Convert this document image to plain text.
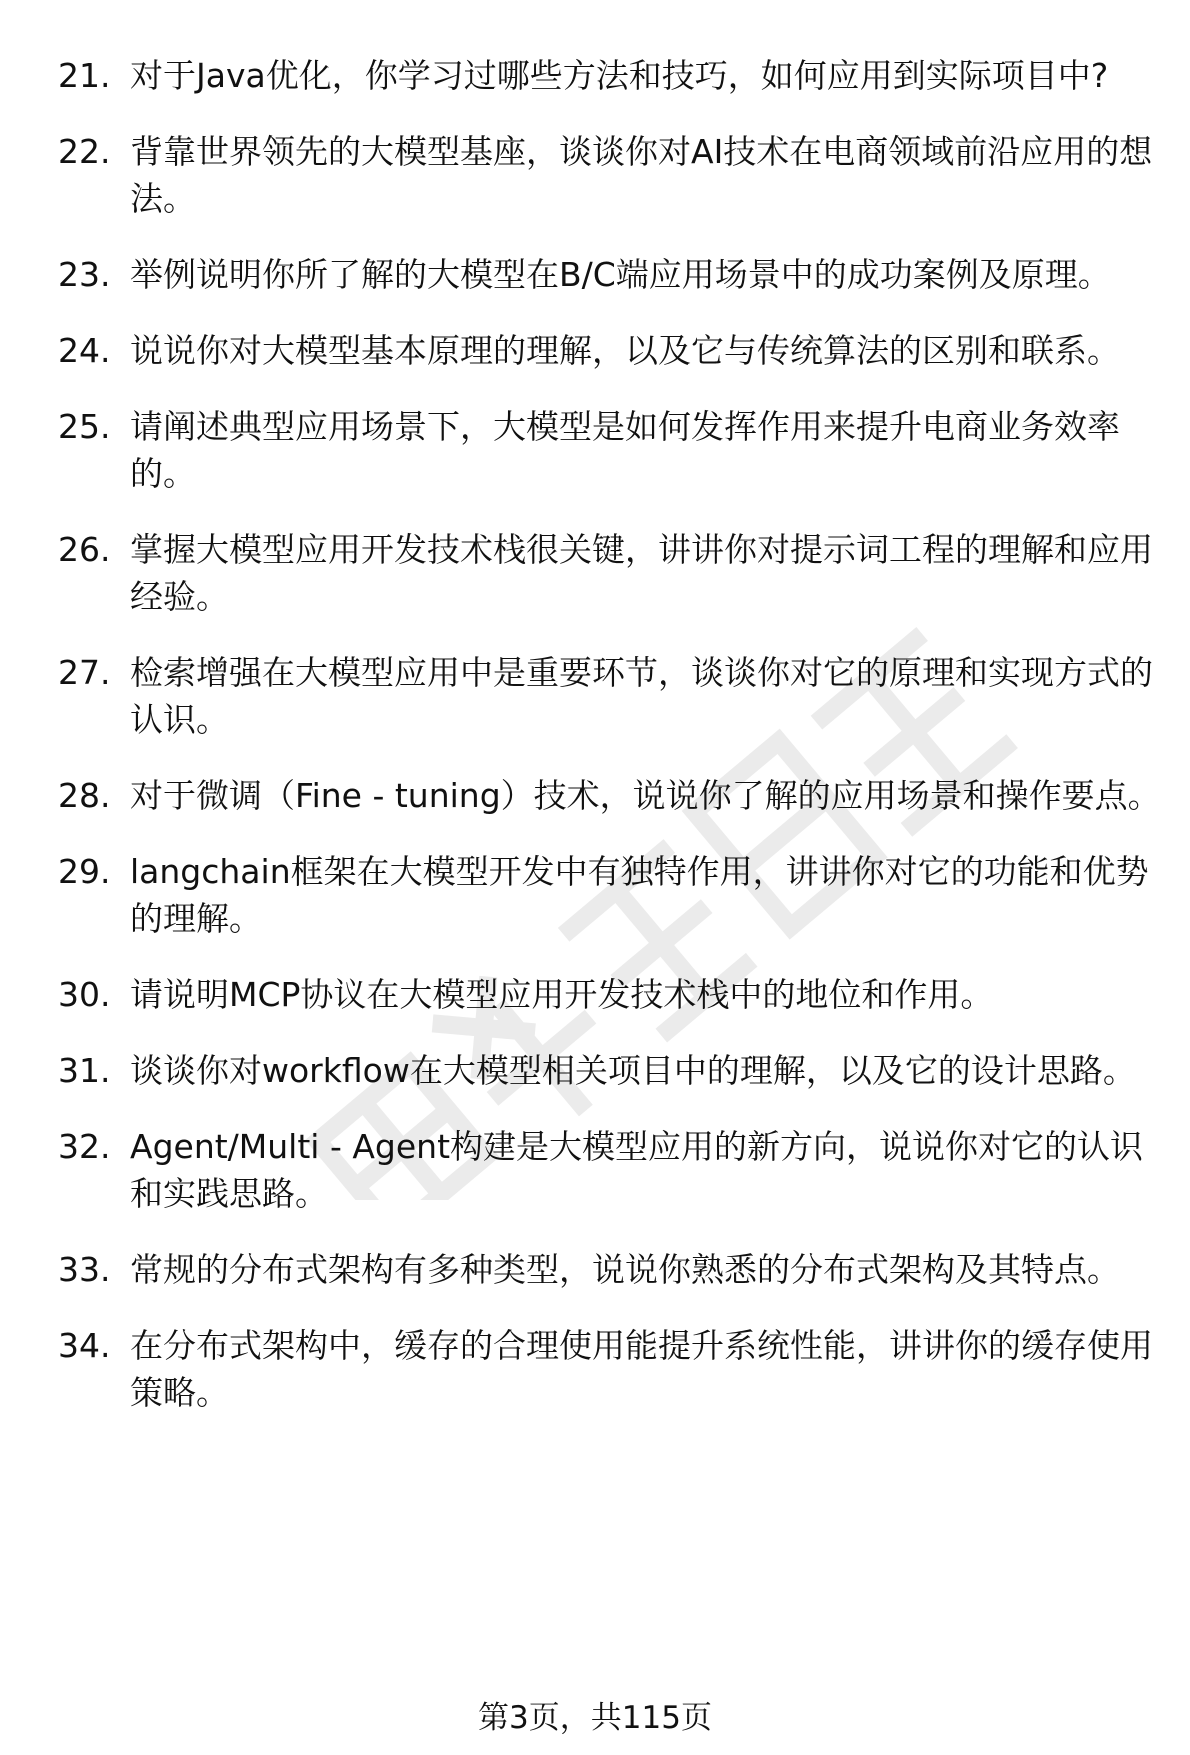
21. 对于Java优化，你学习过哪些方法和技巧，如何应用到实际项目中?
22. 背靠世界领先的大模型基座，谈谈你对AI技术在电商领域前沿应用的想法。
23. 举例说明你所了解的大模型在B/C端应用场景中的成功案例及原理。
24. 说说你对大模型基本原理的理解，以及它与传统算法的区别和联系。
25. 请阐述典型应用场景下，大模型是如何发挥作用来提升电商业务效率的。
26. 掌握大模型应用开发技术栈很关键，讲讲你对提示词工程的理解和应用经验。
27. 检索增强在大模型应用中是重要环节，谈谈你对它的原理和实现方式的认识。
28. 对于微调（Fine - tuning）技术，说说你了解的应用场景和操作要点。
29. langchain框架在大模型开发中有独特作用，讲讲你对它的功能和优势的理解。
30. 请说明MCP协议在大模型应用开发技术栈中的地位和作用。
31. 谈谈你对workflow在大模型相关项目中的理解，以及它的设计思路。
32. Agent/Multi - Agent构建是大模型应用的新方向，说说你对它的认识和实践思路。
33. 常规的分布式架构有多种类型，说说你熟悉的分布式架构及其特点。
34. 在分布式架构中，缓存的合理使用能提升系统性能，讲讲你的缓存使用策略。
第3页，共115页
